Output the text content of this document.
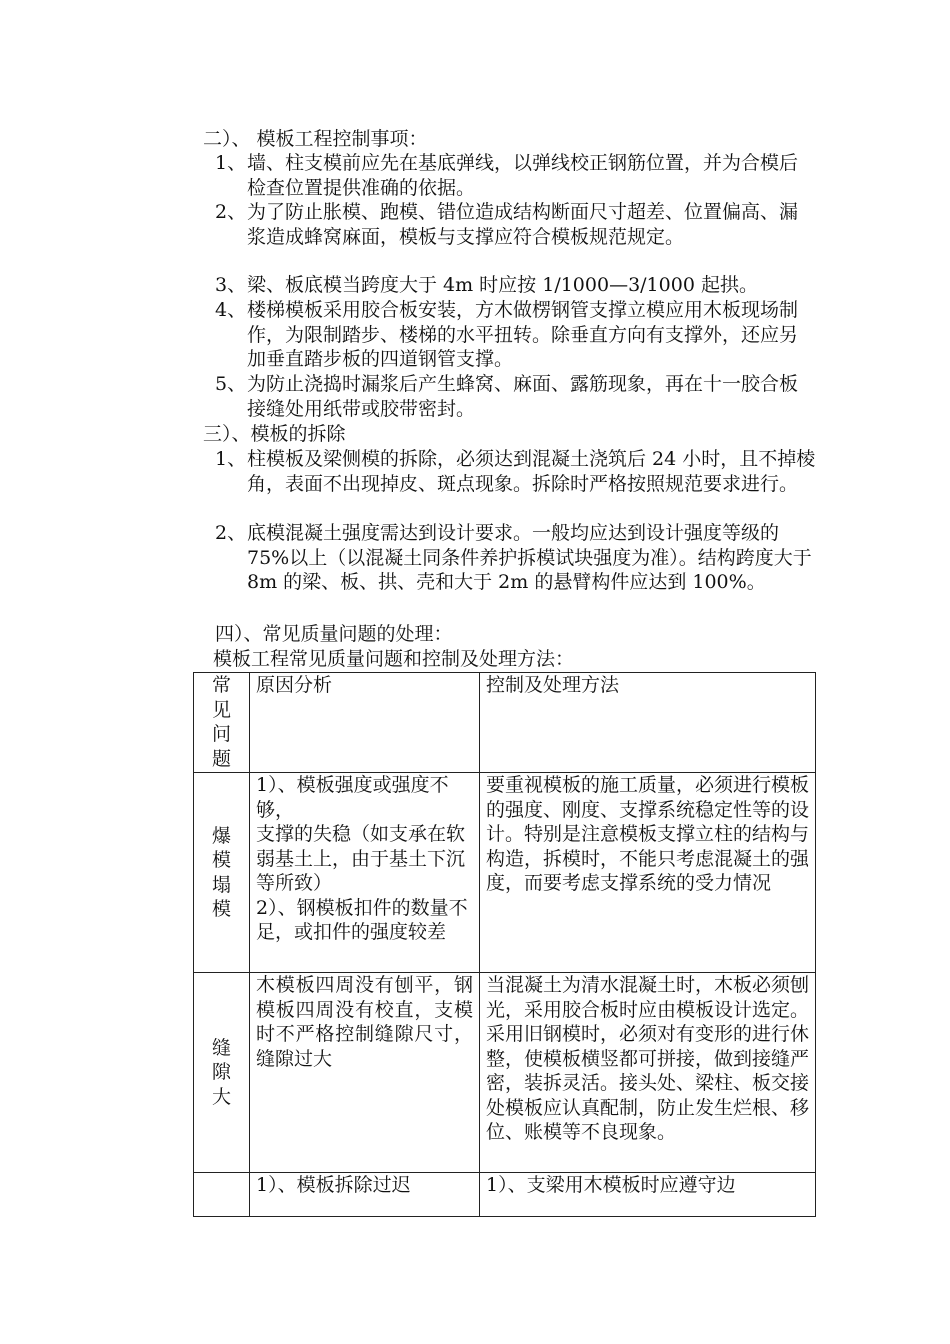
二）、 模板工程控制事项：
1、 墙、柱支模前应先在基底弹线，以弹线校正钢筋位置，并为合模后检查位置提供准确的依据。
2、 为了防止胀模、跑模、错位造成结构断面尺寸超差、位置偏高、漏浆造成蜂窝麻面，模板与支撑应符合模板规范规定。
3、 梁、板底模当跨度大于 4m 时应按 1/1000—3/1000 起拱。
4、 楼梯模板采用胶合板安装，方木做楞钢管支撑立模应用木板现场制作，为限制踏步、楼梯的水平扭转。除垂直方向有支撑外，还应另加垂直踏步板的四道钢管支撑。
5、 为防止浇捣时漏浆后产生蜂窝、麻面、露筋现象，再在十一胶合板接缝处用纸带或胶带密封。
三）、模板的拆除
1、 柱模板及梁侧模的拆除，必须达到混凝土浇筑后 24 小时，且不掉棱角，表面不出现掉皮、斑点现象。拆除时严格按照规范要求进行。
2、 底模混凝土强度需达到设计要求。一般均应达到设计强度等级的 75%以上（以混凝土同条件养护拆模试块强度为准）。结构跨度大于 8m 的梁、板、拱、壳和大于 2m 的悬臂构件应达到 100%。
四）、常见质量问题的处理：
模板工程常见质量问题和控制及处理方法：
常见问题	原因分析	控制及处理方法
爆模塌模	1）、模板强度或强度不够，
支撑的失稳（如支承在软弱基土上，由于基土下沉等所致）
2）、钢模板扣件的数量不足，或扣件的强度较差	要重视模板的施工质量，必须进行模板的强度、刚度、支撑系统稳定性等的设计。特别是注意模板支撑立柱的结构与构造，拆模时，不能只考虑混凝土的强度，而要考虑支撑系统的受力情况
缝隙大	木模板四周没有刨平，钢模板四周没有校直，支模时不严格控制缝隙尺寸，缝隙过大	当混凝土为清水混凝土时，木板必须刨光，采用胶合板时应由模板设计选定。采用旧钢模时，必须对有变形的进行休整，使模板横竖都可拼接，做到接缝严密，装拆灵活。接头处、梁柱、板交接处模板应认真配制，防止发生烂根、移位、账模等不良现象。
	1）、模板拆除过迟	1）、支梁用木模板时应遵守边
